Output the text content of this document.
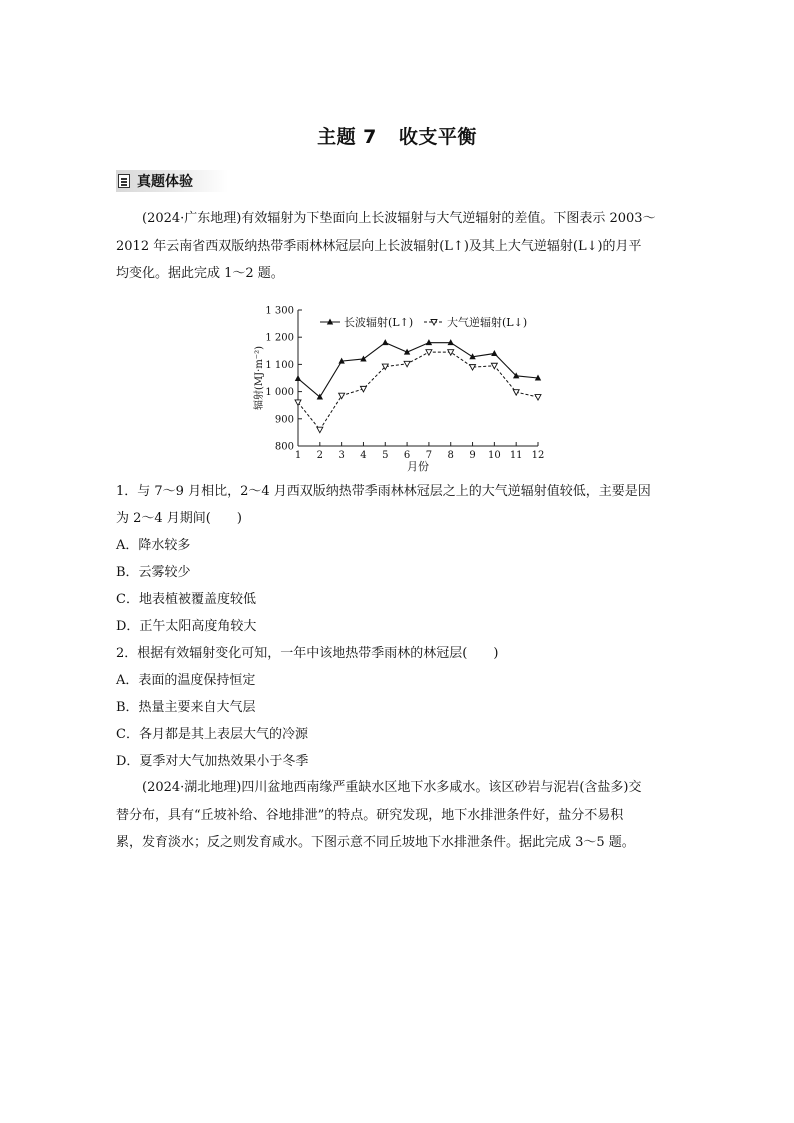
主题 7 收支平衡
真题体验

(2024·广东地理)有效辐射为下垫面向上长波辐射与大气逆辐射的差值。下图表示 2003～

2012 年云南省西双版纳热带季雨林林冠层向上长波辐射(L↑)及其上大气逆辐射(L↓)的月平

均变化。据此完成 1～2 题。

800
900
1 000
1 100
1 200
1 300
1 2 3 4 5 6 7 8 9 10 11 12
月份
辐射(MJ·m⁻²)
长波辐射(L↑)	大气逆辐射(L↓)

1．与 7～9 月相比，2～4 月西双版纳热带季雨林林冠层之上的大气逆辐射值较低，主要是因

为 2～4 月期间(　　)

A．降水较多

B．云雾较少

C．地表植被覆盖度较低

D．正午太阳高度角较大

2．根据有效辐射变化可知，一年中该地热带季雨林的林冠层(　　)

A．表面的温度保持恒定

B．热量主要来自大气层

C．各月都是其上表层大气的冷源

D．夏季对大气加热效果小于冬季

(2024·湖北地理)四川盆地西南缘严重缺水区地下水多咸水。该区砂岩与泥岩(含盐多)交

替分布，具有“丘坡补给、谷地排泄”的特点。研究发现，地下水排泄条件好，盐分不易积

累，发育淡水；反之则发育咸水。下图示意不同丘坡地下水排泄条件。据此完成 3～5 题。
